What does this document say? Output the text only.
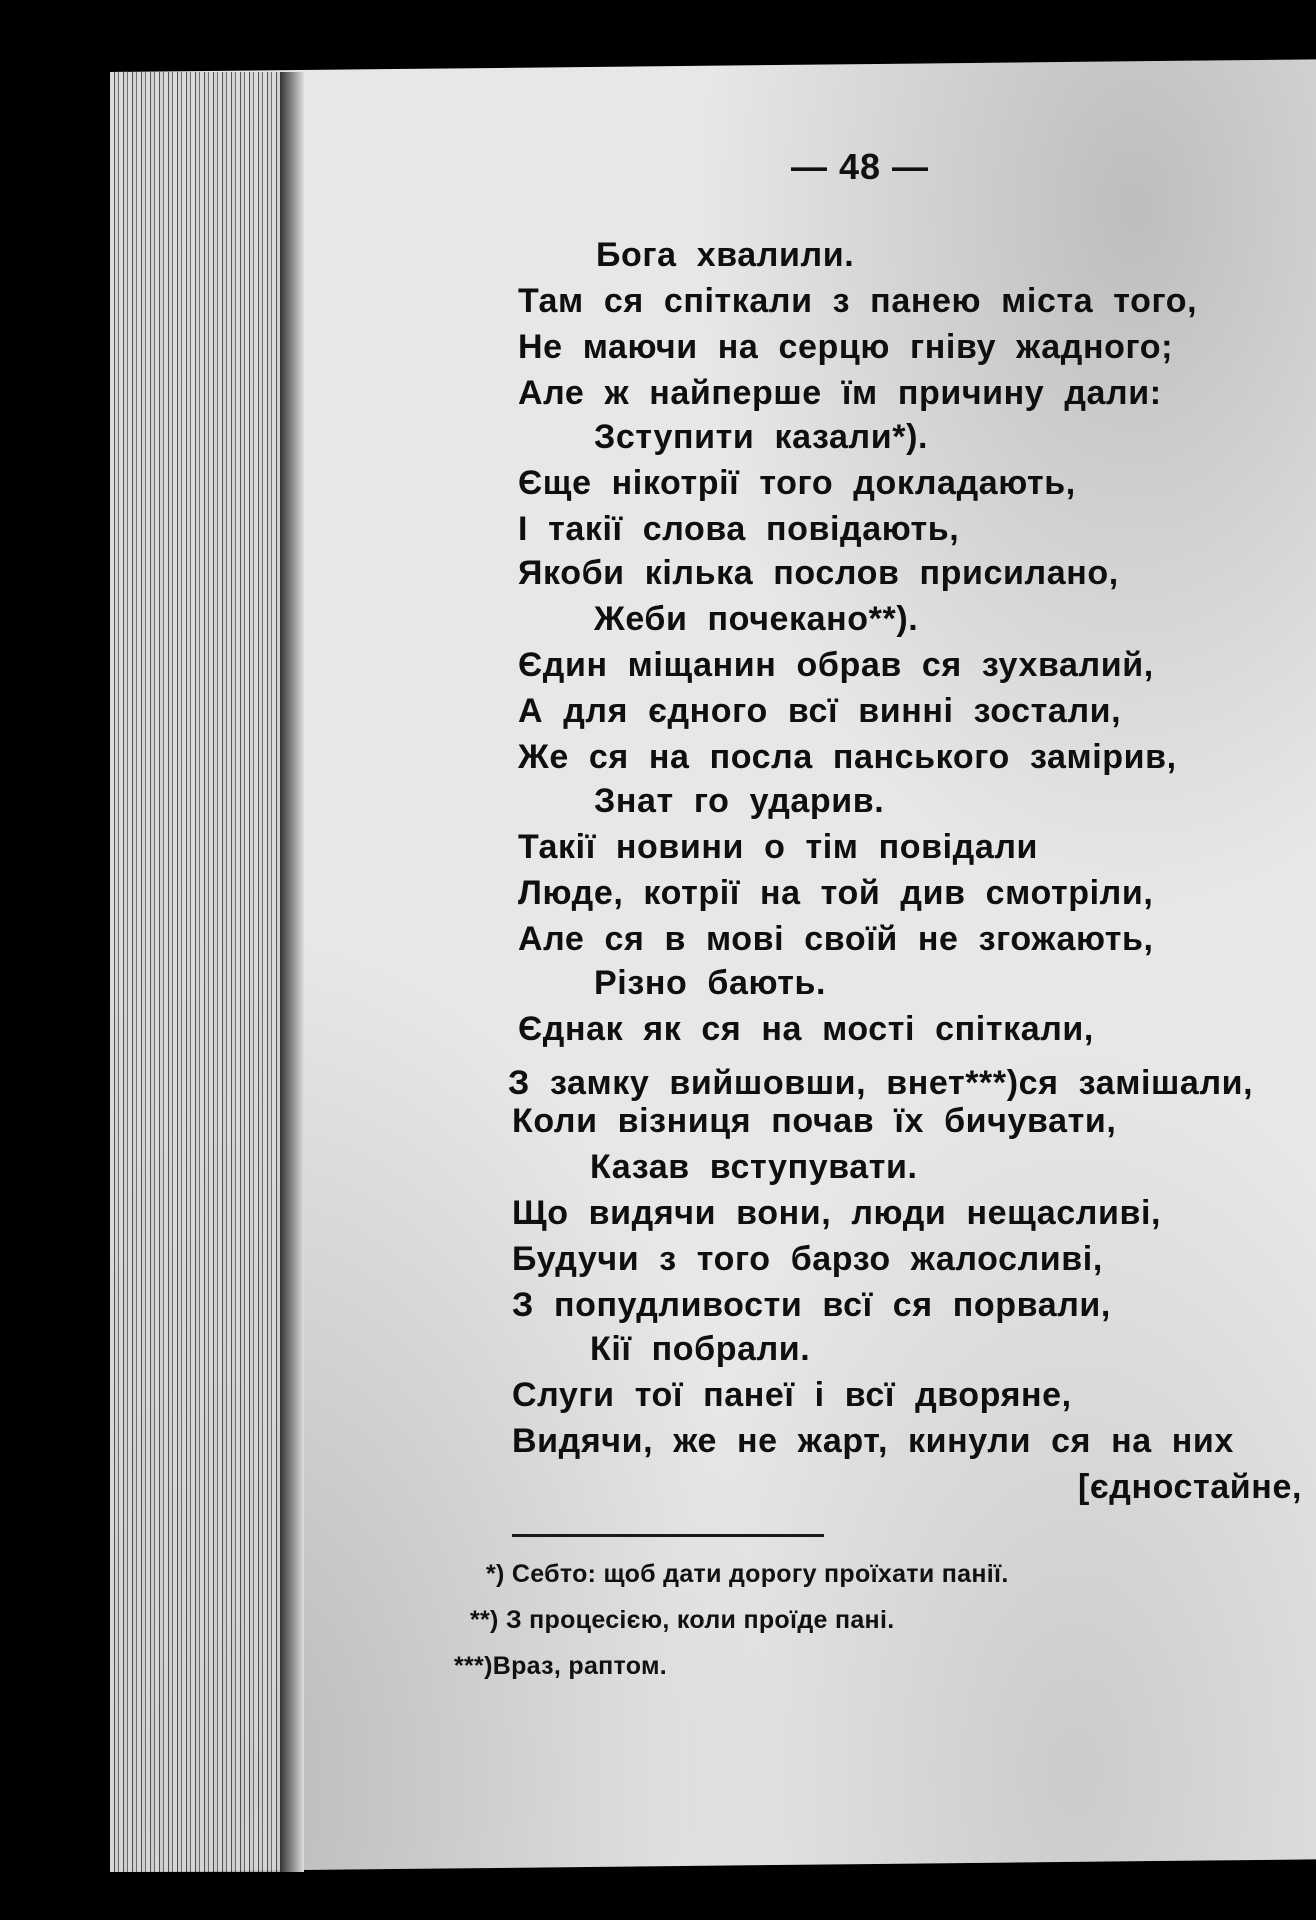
— 48 —
Бога хвалили.
Там ся спіткали з панею міста того,
Не маючи на серцю гніву жадного;
Але ж найперше їм причину дали:
Зступити казали*).
Єще нікотрії того докладають,
І такії слова повідають,
Якоби кілька послов присилано,
Жеби почекано**).
Єдин міщанин обрав ся зухвалий,
А для єдного всї винні зостали,
Же ся на посла панського замірив,
Знат го ударив.
Такії новини о тім повідали
Люде, котрії на той див смотріли,
Але ся в мові своїй не згожають,
Різно бають.
Єднак як ся на мості спіткали,
З замку вийшовши, внет***)ся замішали,
Коли візниця почав їх бичувати,
Казав вступувати.
Що видячи вони, люди нещасливі,
Будучи з того барзо жалосливі,
З попудливости всї ся порвали,
Кії побрали.
Слуги тої панеї і всї дворяне,
Видячи, же не жарт, кинули ся на них
[єдностайне,
*) Себто: щоб дати дорогу проїхати панії.
**) З процесією, коли проїде пані.
***)Враз, раптом.
